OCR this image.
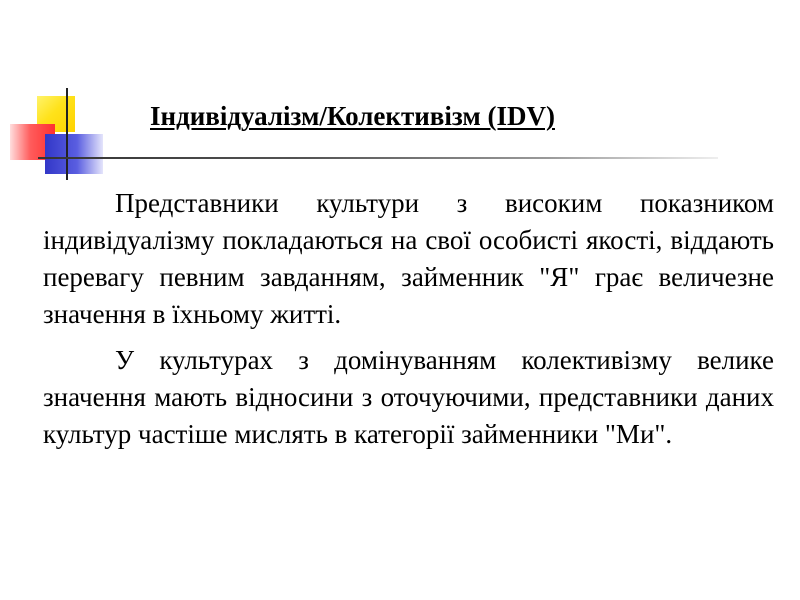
Індивідуалізм/Колективізм (IDV)

Представники культури з високим показником індивідуалізму покладаються на свої особисті якості, віддають перевагу певним завданням, займенник "Я" грає величезне значення в їхньому житті.

У культурах з домінуванням колективізму велике значення мають відносини з оточуючими, представники даних культур частіше мислять в категорії займенники "Ми".
